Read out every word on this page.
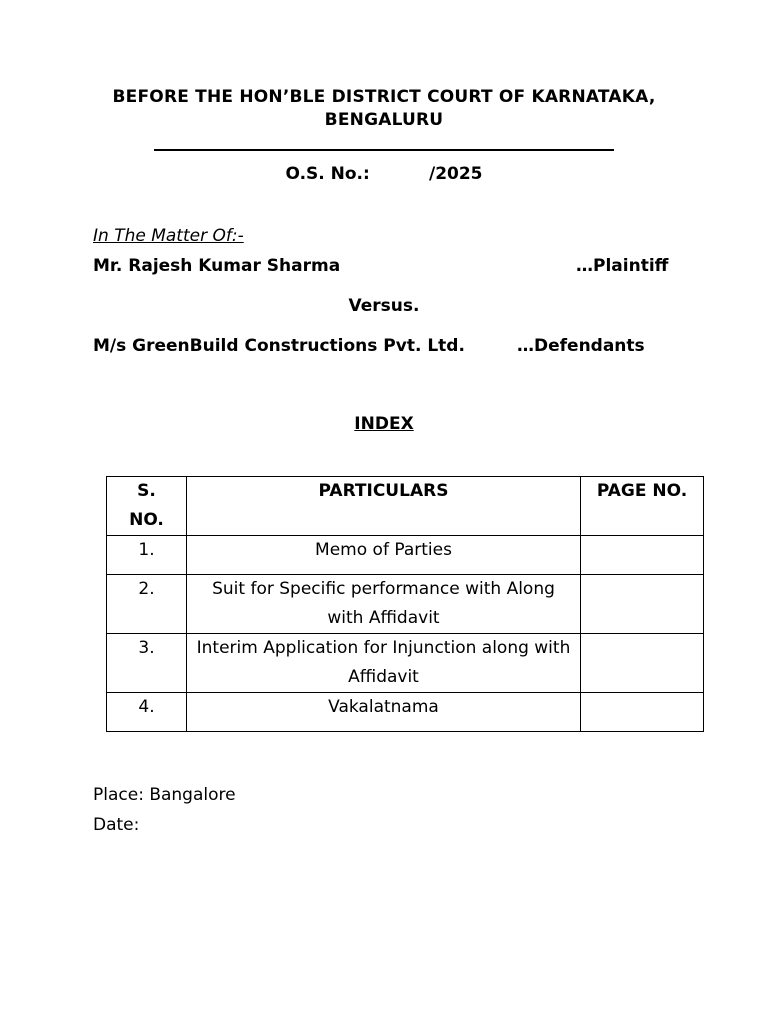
BEFORE THE HON’BLE DISTRICT COURT OF KARNATAKA,
BENGALURU
O.S. No.:          /2025
In The Matter Of:-
Mr. Rajesh Kumar Sharma	…Plaintiff
Versus.
M/s GreenBuild Constructions Pvt. Ltd.	…Defendants
INDEX
S.
NO.	PARTICULARS	PAGE NO.
1.	Memo of Parties	
2.	Suit for Specific performance with Along with Affidavit	
3.	Interim Application for Injunction along with Affidavit	
4.	Vakalatnama	
Place: Bangalore
Date:
